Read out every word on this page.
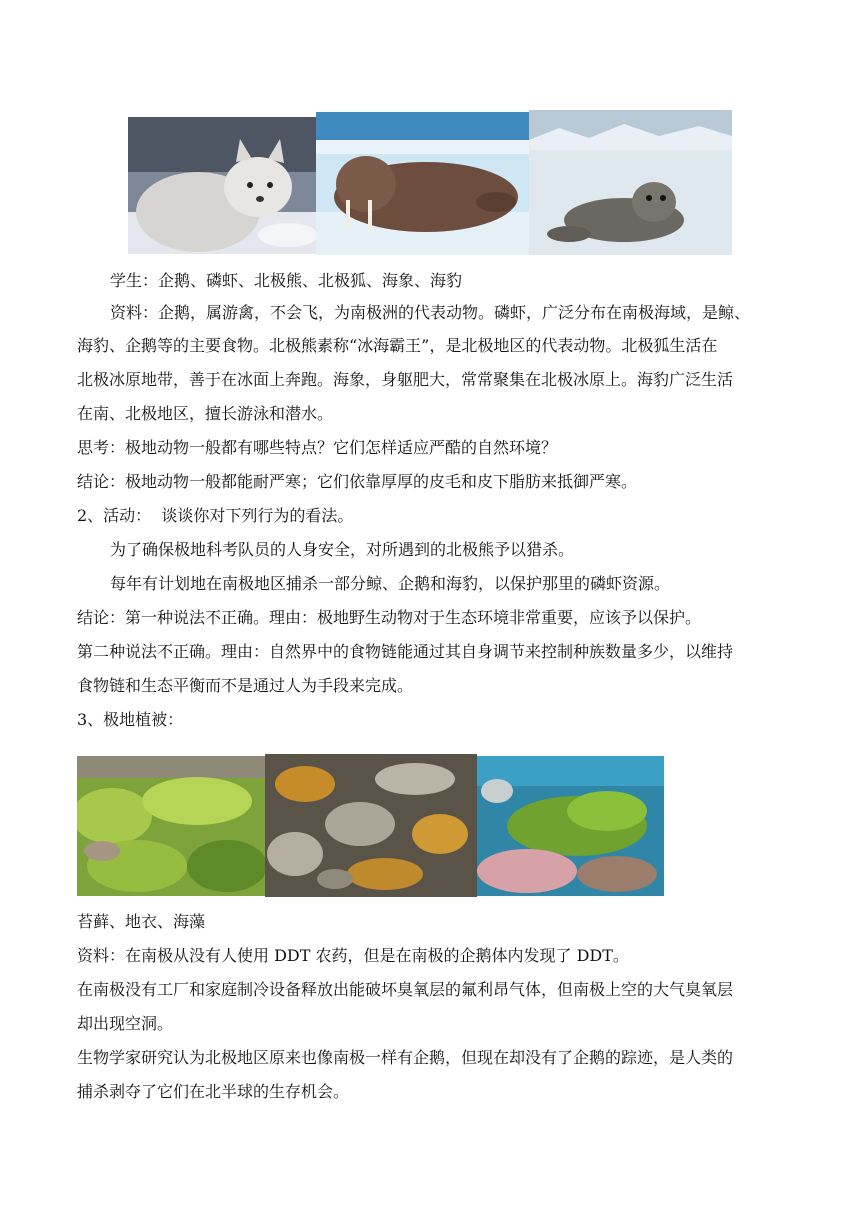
学生：企鹅、磷虾、北极熊、北极狐、海象、海豹
资料：企鹅，属游禽，不会飞，为南极洲的代表动物。磷虾，广泛分布在南极海域，是鲸、
海豹、企鹅等的主要食物。北极熊素称“冰海霸王”，是北极地区的代表动物。北极狐生活在
北极冰原地带，善于在冰面上奔跑。海象，身躯肥大，常常聚集在北极冰原上。海豹广泛生活
在南、北极地区，擅长游泳和潜水。
思考：极地动物一般都有哪些特点？它们怎样适应严酷的自然环境？
结论：极地动物一般都能耐严寒；它们依靠厚厚的皮毛和皮下脂肪来抵御严寒。
2、活动：  谈谈你对下列行为的看法。
为了确保极地科考队员的人身安全，对所遇到的北极熊予以猎杀。
每年有计划地在南极地区捕杀一部分鲸、企鹅和海豹，以保护那里的磷虾资源。
结论：第一种说法不正确。理由：极地野生动物对于生态环境非常重要，应该予以保护。
第二种说法不正确。理由：自然界中的食物链能通过其自身调节来控制种族数量多少，以维持
食物链和生态平衡而不是通过人为手段来完成。
3、极地植被：
苔藓、地衣、海藻
资料：在南极从没有人使用 DDT 农药，但是在南极的企鹅体内发现了 DDT。
在南极没有工厂和家庭制冷设备释放出能破坏臭氧层的氟利昂气体，但南极上空的大气臭氧层
却出现空洞。
生物学家研究认为北极地区原来也像南极一样有企鹅，但现在却没有了企鹅的踪迹，是人类的
捕杀剥夺了它们在北半球的生存机会。
